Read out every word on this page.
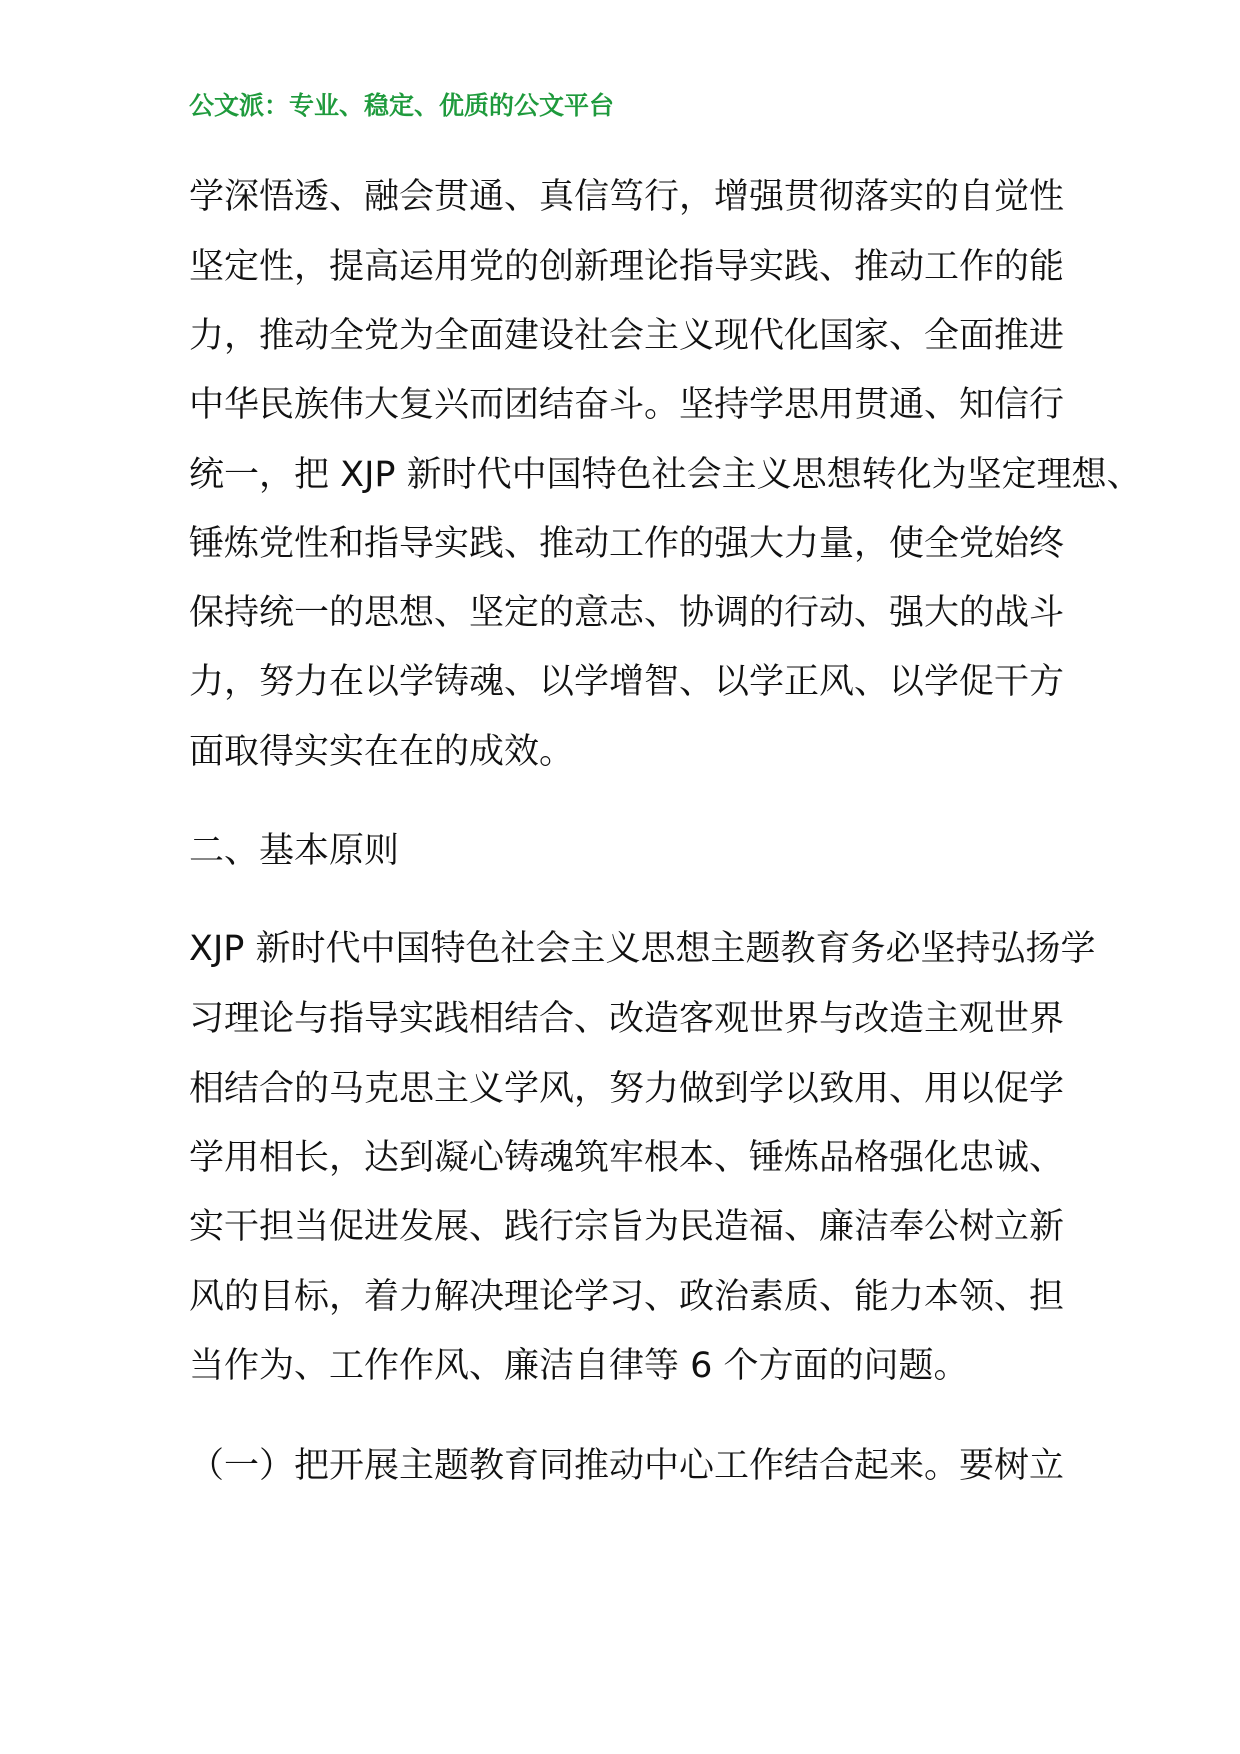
公文派：专业、稳定、优质的公文平台
学深悟透、融会贯通、真信笃行，增强贯彻落实的自觉性
坚定性，提高运用党的创新理论指导实践、推动工作的能
力，推动全党为全面建设社会主义现代化国家、全面推进
中华民族伟大复兴而团结奋斗。坚持学思用贯通、知信行
统一，把 XJP 新时代中国特色社会主义思想转化为坚定理想、
锤炼党性和指导实践、推动工作的强大力量，使全党始终
保持统一的思想、坚定的意志、协调的行动、强大的战斗
力，努力在以学铸魂、以学增智、以学正风、以学促干方
面取得实实在在的成效。
二、基本原则
XJP 新时代中国特色社会主义思想主题教育务必坚持弘扬学
习理论与指导实践相结合、改造客观世界与改造主观世界
相结合的马克思主义学风，努力做到学以致用、用以促学
学用相长，达到凝心铸魂筑牢根本、锤炼品格强化忠诚、
实干担当促进发展、践行宗旨为民造福、廉洁奉公树立新
风的目标，着力解决理论学习、政治素质、能力本领、担
当作为、工作作风、廉洁自律等 6 个方面的问题。
（一）把开展主题教育同推动中心工作结合起来。要树立
